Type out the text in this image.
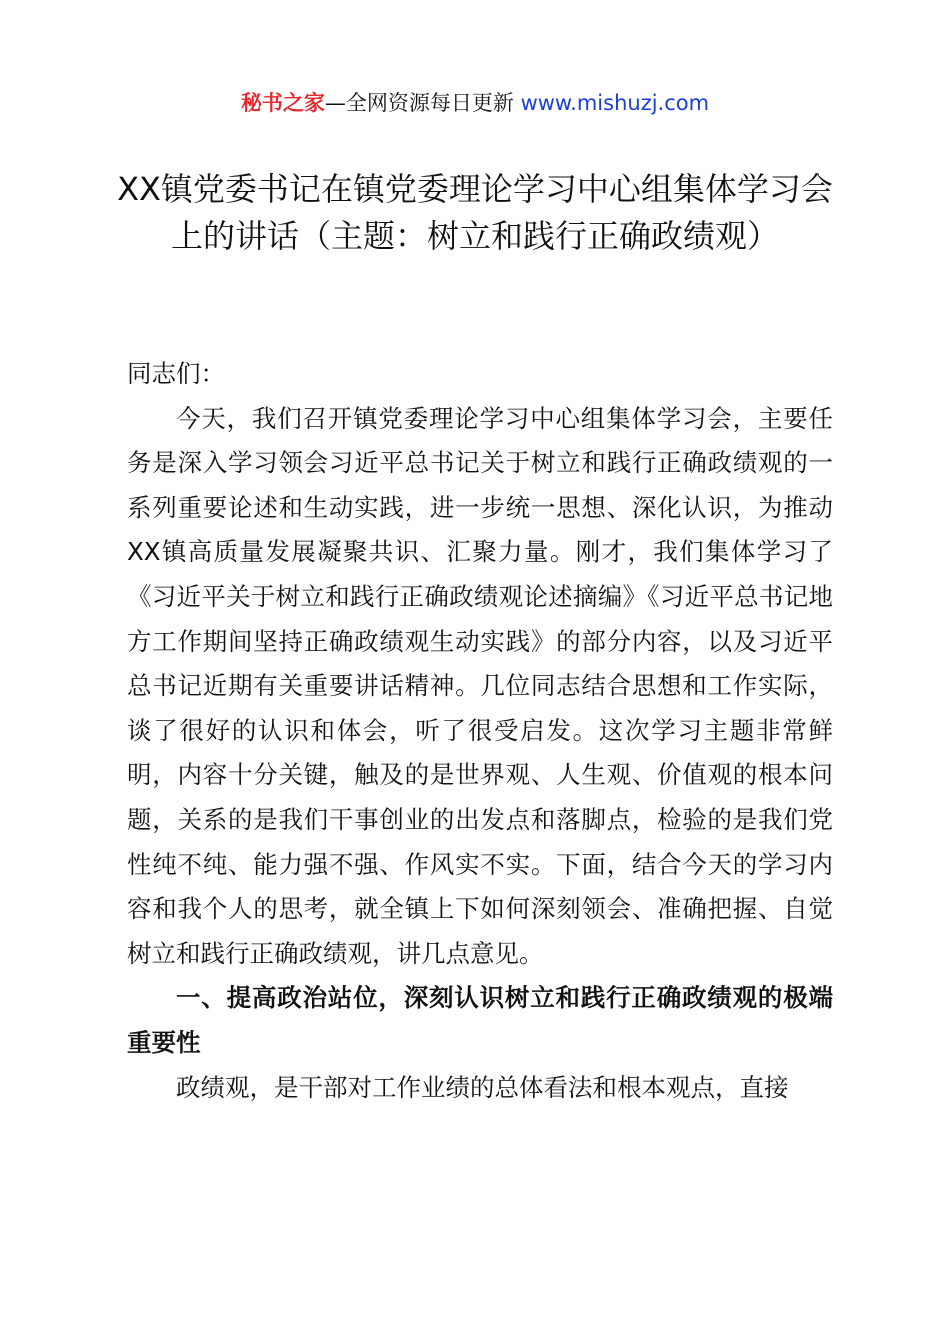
秘书之家—全网资源每日更新 www.mishuzj.com
XX镇党委书记在镇党委理论学习中心组集体学习会上的讲话（主题：树立和践行正确政绩观）

同志们：

今天，我们召开镇党委理论学习中心组集体学习会，主要任务是深入学习领会习近平总书记关于树立和践行正确政绩观的一系列重要论述和生动实践，进一步统一思想、深化认识，为推动XX镇高质量发展凝聚共识、汇聚力量。刚才，我们集体学习了《习近平关于树立和践行正确政绩观论述摘编》《习近平总书记地方工作期间坚持正确政绩观生动实践》的部分内容，以及习近平总书记近期有关重要讲话精神。几位同志结合思想和工作实际，谈了很好的认识和体会，听了很受启发。这次学习主题非常鲜明，内容十分关键，触及的是世界观、人生观、价值观的根本问题，关系的是我们干事创业的出发点和落脚点，检验的是我们党性纯不纯、能力强不强、作风实不实。下面，结合今天的学习内容和我个人的思考，就全镇上下如何深刻领会、准确把握、自觉树立和践行正确政绩观，讲几点意见。

一、提高政治站位，深刻认识树立和践行正确政绩观的极端重要性

政绩观，是干部对工作业绩的总体看法和根本观点，直接
